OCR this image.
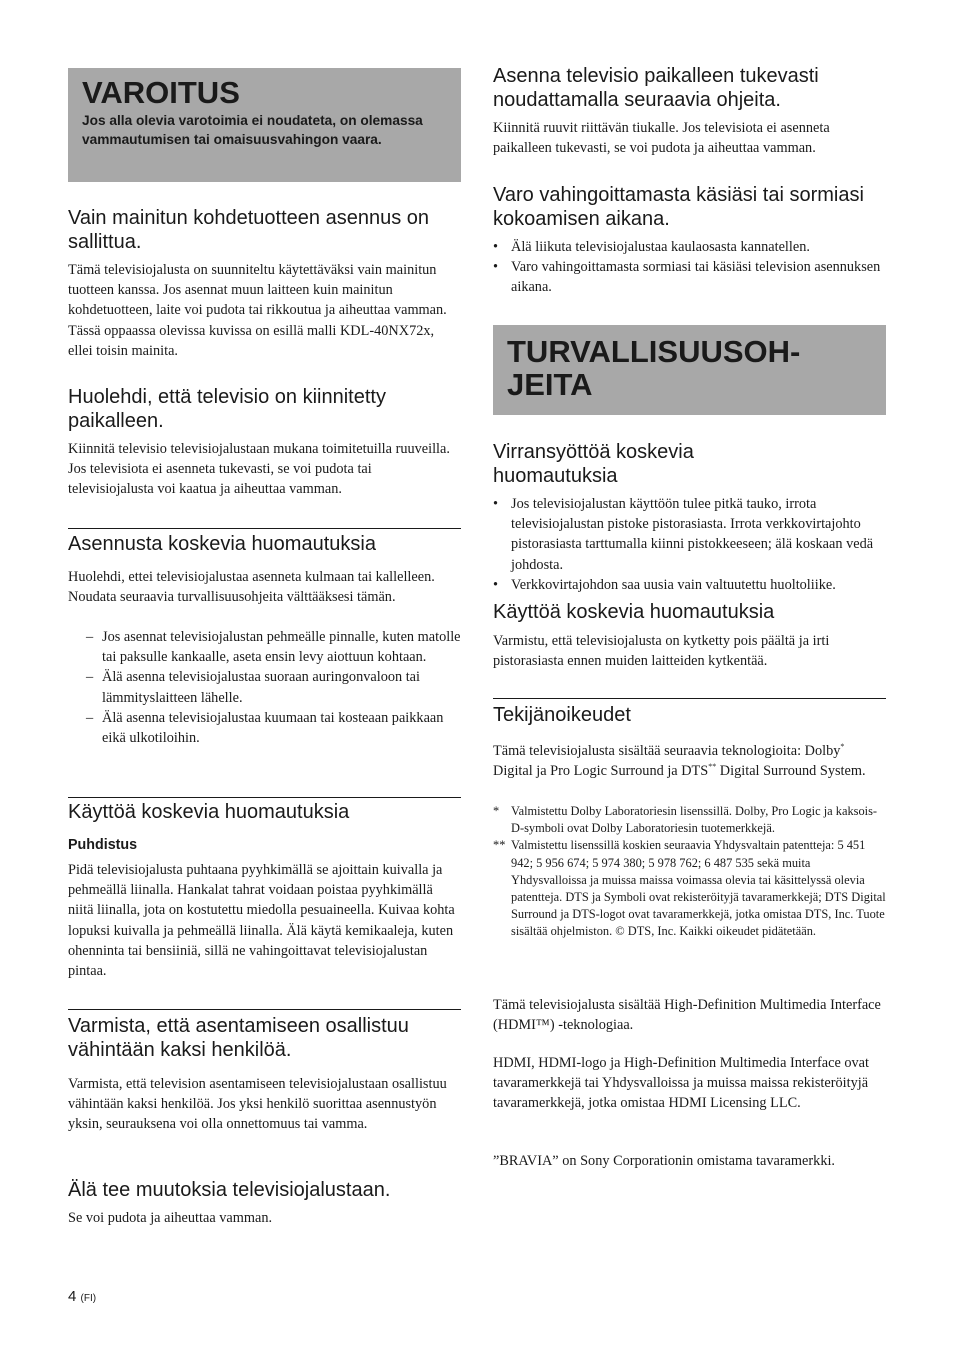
VAROITUS

Jos alla olevia varotoimia ei noudateta, on olemassa vammautumisen tai omaisuusvahingon vaara.

Vain mainitun kohdetuotteen asennus on sallittua.

Tämä televisiojalusta on suunniteltu käytettäväksi vain mainitun tuotteen kanssa. Jos asennat muun laitteen kuin mainitun kohdetuotteen, laite voi pudota tai rikkoutua ja aiheuttaa vamman. Tässä oppaassa olevissa kuvissa on esillä malli KDL-40NX72x, ellei toisin mainita.

Huolehdi, että televisio on kiinnitetty paikalleen.

Kiinnitä televisio televisiojalustaan mukana toimitetuilla ruuveilla. Jos televisiota ei asenneta tukevasti, se voi pudota tai televisiojalusta voi kaatua ja aiheuttaa vamman.

Asennusta koskevia huomautuksia

Huolehdi, ettei televisiojalustaa asenneta kulmaan tai kallelleen. Noudata seuraavia turvallisuusohjeita välttääksesi tämän.

– Jos asennat televisiojalustan pehmeälle pinnalle, kuten matolle tai paksulle kankaalle, aseta ensin levy aiottuun kohtaan.
– Älä asenna televisiojalustaa suoraan auringonvaloon tai lämmityslaitteen lähelle.
– Älä asenna televisiojalustaa kuumaan tai kosteaan paikkaan eikä ulkotiloihin.
Käyttöä koskevia huomautuksia
Puhdistus

Pidä televisiojalusta puhtaana pyyhkimällä se ajoittain kuivalla ja pehmeällä liinalla. Hankalat tahrat voidaan poistaa pyyhkimällä niitä liinalla, jota on kostutettu miedolla pesuaineella. Kuivaa kohta lopuksi kuivalla ja pehmeällä liinalla. Älä käytä kemikaaleja, kuten ohenninta tai bensiiniä, sillä ne vahingoittavat televisiojalustan pintaa.

Varmista, että asentamiseen osallistuu vähintään kaksi henkilöä.

Varmista, että television asentamiseen televisiojalustaan osallistuu vähintään kaksi henkilöä. Jos yksi henkilö suorittaa asennustyön yksin, seurauksena voi olla onnettomuus tai vamma.

Älä tee muutoksia televisiojalustaan.

Se voi pudota ja aiheuttaa vamman.

Asenna televisio paikalleen tukevasti noudattamalla seuraavia ohjeita.

Kiinnitä ruuvit riittävän tiukalle. Jos televisiota ei asenneta paikalleen tukevasti, se voi pudota ja aiheuttaa vamman.

Varo vahingoittamasta käsiäsi tai sormiasi kokoamisen aikana.
• Älä liikuta televisiojalustaa kaulaosasta kannatellen.
• Varo vahingoittamasta sormiasi tai käsiäsi television asennuksen aikana.
TURVALLISUUSOH-
JEITA
Virransyöttöä koskevia huomautuksia
• Jos televisiojalustan käyttöön tulee pitkä tauko, irrota televisiojalustan pistoke pistorasiasta. Irrota verkkovirtajohto pistorasiasta tarttumalla kiinni pistokkeeseen; älä koskaan vedä johdosta.
• Verkkovirtajohdon saa uusia vain valtuutettu huoltoliike.
Käyttöä koskevia huomautuksia

Varmistu, että televisiojalusta on kytketty pois päältä ja irti pistorasiasta ennen muiden laitteiden kytkentää.

Tekijänoikeudet

Tämä televisiojalusta sisältää seuraavia teknologioita: Dolby* Digital ja Pro Logic Surround ja DTS** Digital Surround System.

* Valmistettu Dolby Laboratoriesin lisenssillä. Dolby, Pro Logic ja kaksois-D-symboli ovat Dolby Laboratoriesin tuotemerkkejä.
** Valmistettu lisenssillä koskien seuraavia Yhdysvaltain patentteja: 5 451 942; 5 956 674; 5 974 380; 5 978 762; 6 487 535 sekä muita Yhdysvalloissa ja muissa maissa voimassa olevia tai käsittelyssä olevia patentteja. DTS ja Symboli ovat rekisteröityjä tavaramerkkejä; DTS Digital Surround ja DTS-logot ovat tavaramerkkejä, jotka omistaa DTS, Inc. Tuote sisältää ohjelmiston. © DTS, Inc. Kaikki oikeudet pidätetään.

Tämä televisiojalusta sisältää High-Definition Multimedia Interface (HDMI™) -teknologiaa.

HDMI, HDMI-logo ja High-Definition Multimedia Interface ovat tavaramerkkejä tai Yhdysvalloissa ja muissa maissa rekisteröityjä tavaramerkkejä, jotka omistaa HDMI Licensing LLC.

”BRAVIA” on Sony Corporationin omistama tavaramerkki.

4 (FI)
